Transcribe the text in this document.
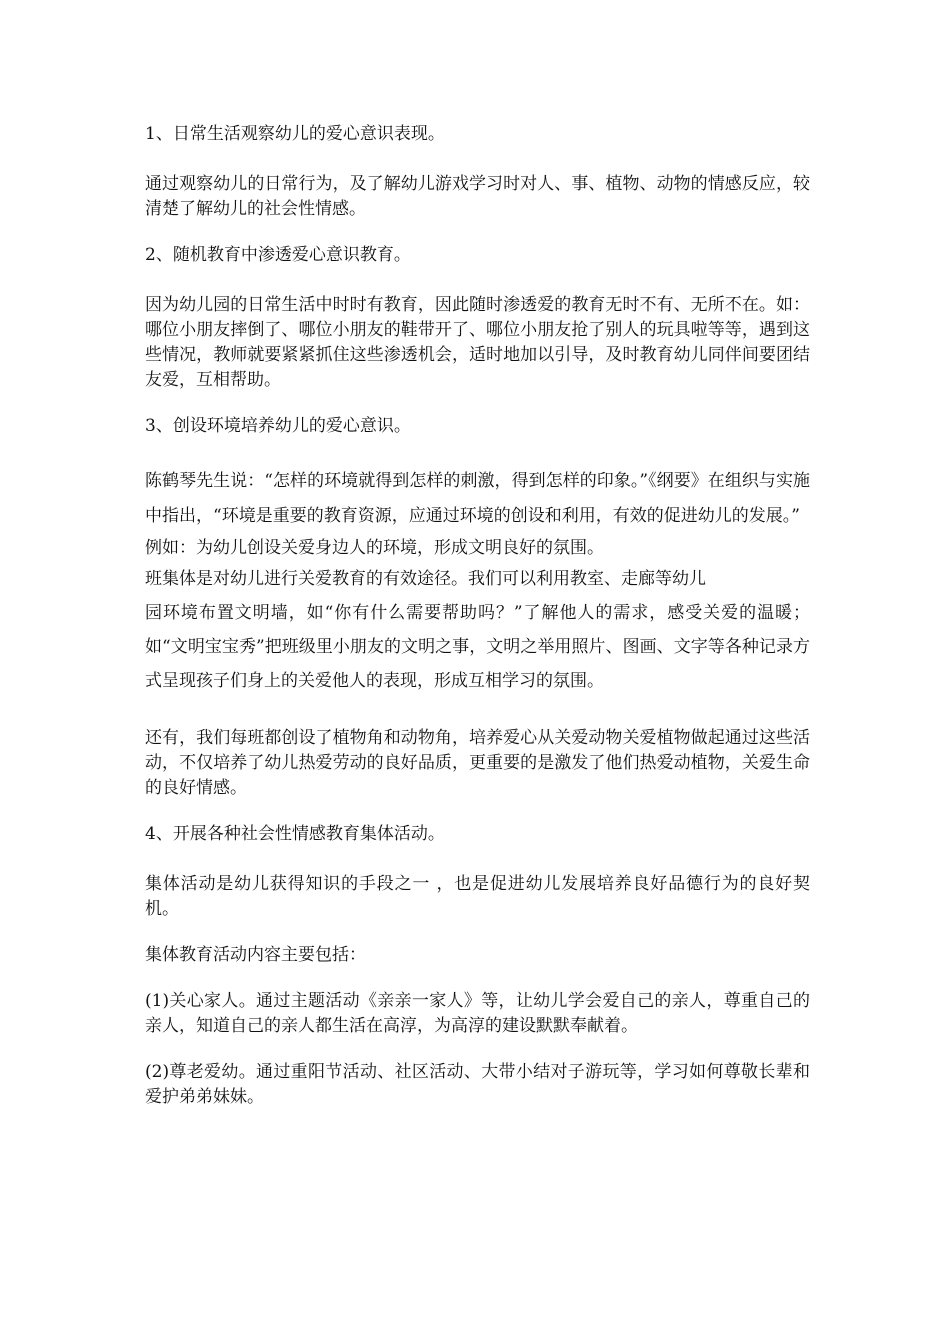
1、日常生活观察幼儿的爱心意识表现。

通过观察幼儿的日常行为，及了解幼儿游戏学习时对人、事、植物、动物的情感反应，较清楚了解幼儿的社会性情感。

2、随机教育中渗透爱心意识教育。

因为幼儿园的日常生活中时时有教育，因此随时渗透爱的教育无时不有、无所不在。如：哪位小朋友摔倒了、哪位小朋友的鞋带开了、哪位小朋友抢了别人的玩具啦等等，遇到这些情况，教师就要紧紧抓住这些渗透机会，适时地加以引导，及时教育幼儿同伴间要团结友爱，互相帮助。

3、创设环境培养幼儿的爱心意识。

陈鹤琴先生说：“怎样的环境就得到怎样的刺激，得到怎样的印象。”《纲要》在组织与实施中指出，“环境是重要的教育资源，应通过环境的创设和利用，有效的促进幼儿的发展。”

例如：为幼儿创设关爱身边人的环境，形成文明良好的氛围。

班集体是对幼儿进行关爱教育的有效途径。我们可以利用教室、走廊等幼儿
园环境布置文明墙，如“你有什么需要帮助吗？”了解他人的需求，感受关爱的温暖；如“文明宝宝秀”把班级里小朋友的文明之事，文明之举用照片、图画、文字等各种记录方式呈现孩子们身上的关爱他人的表现，形成互相学习的氛围。

还有，我们每班都创设了植物角和动物角，培养爱心从关爱动物关爱植物做起通过这些活动，不仅培养了幼儿热爱劳动的良好品质，更重要的是激发了他们热爱动植物，关爱生命的良好情感。

4、开展各种社会性情感教育集体活动。

集体活动是幼儿获得知识的手段之一 ，也是促进幼儿发展培养良好品德行为的良好契机。

集体教育活动内容主要包括：

(1)关心家人。通过主题活动《亲亲一家人》等，让幼儿学会爱自己的亲人，尊重自己的亲人，知道自己的亲人都生活在高淳，为高淳的建设默默奉献着。

(2)尊老爱幼。通过重阳节活动、社区活动、大带小结对子游玩等，学习如何尊敬长辈和爱护弟弟妹妹。
